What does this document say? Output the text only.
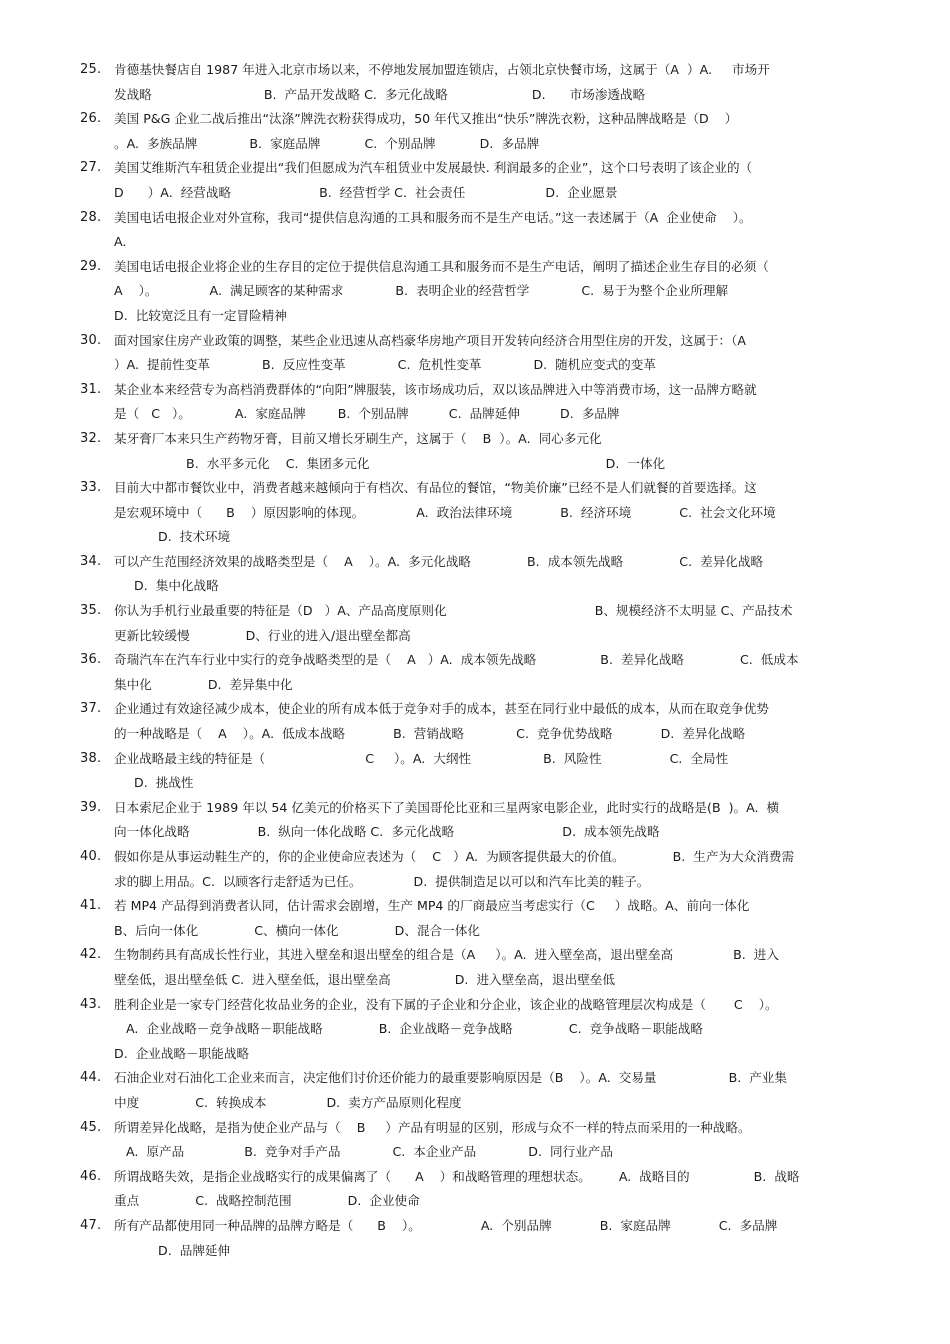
25.	肯德基快餐店自 1987 年进入北京市场以来，不停地发展加盟连锁店，占领北京快餐市场，这属于（A  ）A.     市场开
发战略                            B.  产品开发战略 C.  多元化战略                     D.      市场渗透战略
26.	美国 P&G 企业二战后推出“汰涤”牌洗衣粉获得成功，50 年代又推出“快乐”牌洗衣粉，这种品牌战略是（D    ）
。A.  多族品牌             B.  家庭品牌           C.  个别品牌           D.  多品牌
27.	美国艾维斯汽车租赁企业提出“我们但愿成为汽车租赁业中发展最快. 利润最多的企业”，这个口号表明了该企业的（
D      ）A.  经营战略                      B.  经营哲学 C.  社会责任                    D.  企业愿景
28.	美国电话电报企业对外宣称，我司“提供信息沟通的工具和服务而不是生产电话。”这一表述属于（A  企业使命    ）。
A.
29.	美国电话电报企业将企业的生存目的定位于提供信息沟通工具和服务而不是生产电话，阐明了描述企业生存目的必须（
A    ）。             A.  满足顾客的某种需求             B.  表明企业的经营哲学             C.  易于为整个企业所理解
D.  比较宽泛且有一定冒险精神
30.	面对国家住房产业政策的调整，某些企业迅速从高档豪华房地产项目开发转向经济合用型住房的开发，这属于：（A
）A.  提前性变革             B.  反应性变革             C.  危机性变革             D.  随机应变式的变革
31.	某企业本来经营专为高档消费群体的“向阳”牌服装，该市场成功后，双以该品牌进入中等消费市场，这一品牌方略就
是（   C   ）。           A.  家庭品牌        B.  个别品牌          C.  品牌延伸          D.  多品牌
32.	某牙膏厂本来只生产药物牙膏，目前又增长牙刷生产，这属于（    B  ）。A.  同心多元化
B.  水平多元化    C.  集团多元化                                                           D.  一体化
33.	目前大中都市餐饮业中，消费者越来越倾向于有档次、有品位的餐馆，“物美价廉”已经不是人们就餐的首要选择。这
是宏观环境中（      B    ）原因影响的体现。             A.  政治法律环境            B.  经济环境            C.  社会文化环境
D.  技术环境
34.	可以产生范围经济效果的战略类型是（    A    ）。A.  多元化战略              B.  成本领先战略              C.  差异化战略
D.  集中化战略
35.	你认为手机行业最重要的特征是（D   ）A、产品高度原则化                                     B、规模经济不太明显 C、产品技术
更新比较缓慢              D、行业的进入/退出壁垒都高
36.	奇瑞汽车在汽车行业中实行的竞争战略类型的是（    A   ）A.  成本领先战略                B.  差异化战略              C.  低成本
集中化              D.  差异集中化
37.	企业通过有效途径减少成本，使企业的所有成本低于竞争对手的成本，甚至在同行业中最低的成本，从而在取竞争优势
的一种战略是（    A    ）。A.  低成本战略            B.  营销战略             C.  竞争优势战略            D.  差异化战略
38.	企业战略最主线的特征是（                         C     ）。A.  大纲性                  B.  风险性                 C.  全局性
D.  挑战性
39.	日本索尼企业于 1989 年以 54 亿美元的价格买下了美国哥伦比亚和三星两家电影企业，此时实行的战略是(B  )。A.  横
向一体化战略                 B.  纵向一体化战略 C.  多元化战略                           D.  成本领先战略
40.	假如你是从事运动鞋生产的，你的企业使命应表述为（    C   ）A.  为顾客提供最大的价值。            B.  生产为大众消费需
求的脚上用品。C.  以顾客行走舒适为已任。             D.  提供制造足以可以和汽车比美的鞋子。
41.	若 MP4 产品得到消费者认同，估计需求会剧增，生产 MP4 的厂商最应当考虑实行（C     ）战略。A、前向一体化
B、后向一体化              C、横向一体化              D、混合一体化
42.	生物制药具有高成长性行业，其进入壁垒和退出壁垒的组合是（A     ）。A.  进入壁垒高，退出壁垒高               B.  进入
壁垒低，退出壁垒低 C.  进入壁垒低，退出壁垒高                D.  进入壁垒高，退出壁垒低
43.	胜利企业是一家专门经营化妆品业务的企业，没有下属的子企业和分企业，该企业的战略管理层次构成是（       C    ）。
A.  企业战略－竞争战略－职能战略              B.  企业战略－竞争战略              C.  竞争战略－职能战略
D.  企业战略－职能战略
44.	石油企业对石油化工企业来而言，决定他们讨价还价能力的最重要影响原因是（B    ）。A.  交易量                  B.  产业集
中度              C.  转换成本               D.  卖方产品原则化程度
45.	所谓差异化战略，是指为使企业产品与（    B     ）产品有明显的区别，形成与众不一样的特点而采用的一种战略。
A.  原产品               B.  竞争对手产品             C.  本企业产品             D.  同行业产品
46.	所谓战略失效，是指企业战略实行的成果偏离了（      A    ）和战略管理的理想状态。       A.  战略目的                B.  战略
重点              C.  战略控制范围              D.  企业使命
47.	所有产品都使用同一种品牌的品牌方略是（      B    ）。               A.  个别品牌            B.  家庭品牌            C.  多品牌
D.  品牌延伸
